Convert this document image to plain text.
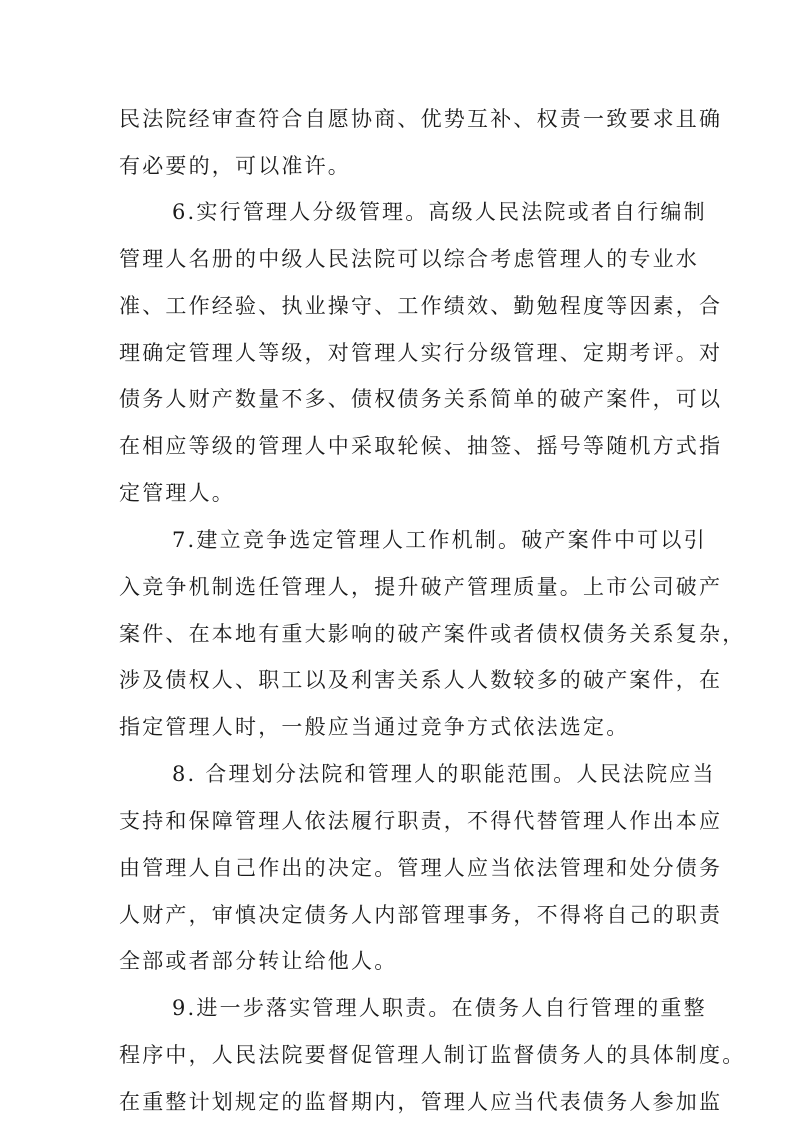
民法院经审查符合自愿协商、优势互补、权责一致要求且确
有必要的，可以准许。
6.实行管理人分级管理。高级人民法院或者自行编制
管理人名册的中级人民法院可以综合考虑管理人的专业水
准、工作经验、执业操守、工作绩效、勤勉程度等因素，合
理确定管理人等级，对管理人实行分级管理、定期考评。对
债务人财产数量不多、债权债务关系简单的破产案件，可以
在相应等级的管理人中采取轮候、抽签、摇号等随机方式指
定管理人。
7.建立竞争选定管理人工作机制。破产案件中可以引
入竞争机制选任管理人，提升破产管理质量。上市公司破产
案件、在本地有重大影响的破产案件或者债权债务关系复杂，
涉及债权人、职工以及利害关系人人数较多的破产案件，在
指定管理人时，一般应当通过竞争方式依法选定。
8. 合理划分法院和管理人的职能范围。人民法院应当
支持和保障管理人依法履行职责，不得代替管理人作出本应
由管理人自己作出的决定。管理人应当依法管理和处分债务
人财产，审慎决定债务人内部管理事务，不得将自己的职责
全部或者部分转让给他人。
9.进一步落实管理人职责。在债务人自行管理的重整
程序中，人民法院要督促管理人制订监督债务人的具体制度。
在重整计划规定的监督期内，管理人应当代表债务人参加监
